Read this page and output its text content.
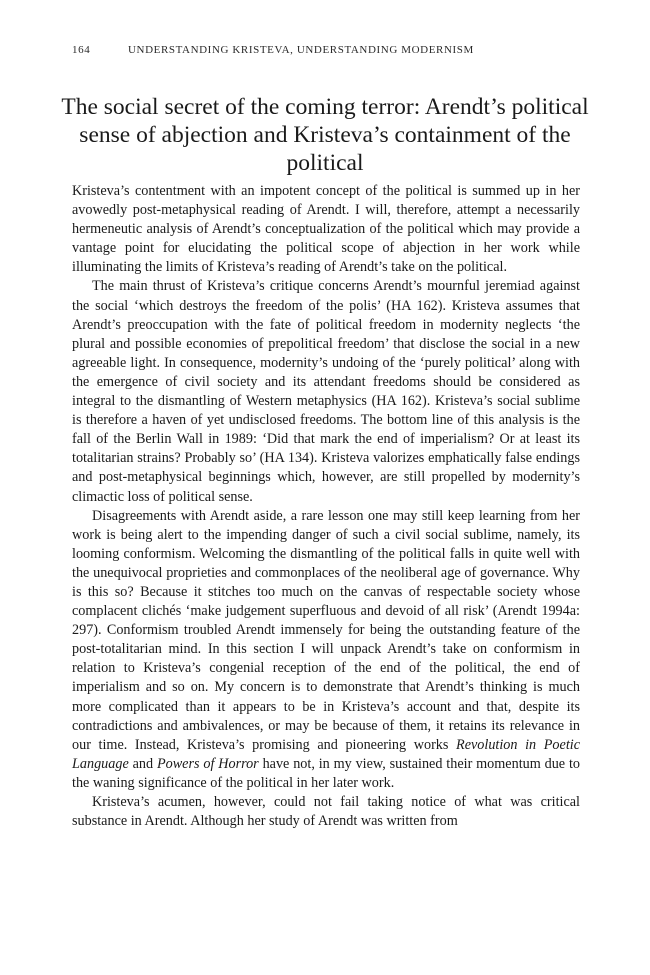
164	UNDERSTANDING KRISTEVA, UNDERSTANDING MODERNISM
The social secret of the coming terror: Arendt’s political sense of abjection and Kristeva’s containment of the political

Kristeva’s contentment with an impotent concept of the political is summed up in her avowedly post-metaphysical reading of Arendt. I will, therefore, attempt a necessarily hermeneutic analysis of Arendt’s conceptualization of the political which may provide a vantage point for elucidating the political scope of abjection in her work while illuminating the limits of Kristeva’s reading of Arendt’s take on the political.

The main thrust of Kristeva’s critique concerns Arendt’s mournful jeremiad against the social ‘which destroys the freedom of the polis’ (HA 162). Kristeva assumes that Arendt’s preoccupation with the fate of political freedom in modernity neglects ‘the plural and possible economies of prepolitical freedom’ that disclose the social in a new agreeable light. In consequence, modernity’s undoing of the ‘purely political’ along with the emergence of civil society and its attendant freedoms should be considered as integral to the dismantling of Western metaphysics (HA 162). Kristeva’s social sublime is therefore a haven of yet undisclosed freedoms. The bottom line of this analysis is the fall of the Berlin Wall in 1989: ‘Did that mark the end of imperialism? Or at least its totalitarian strains? Probably so’ (HA 134). Kristeva valorizes emphatically false endings and post-metaphysical beginnings which, however, are still propelled by modernity’s climactic loss of political sense.

Disagreements with Arendt aside, a rare lesson one may still keep learning from her work is being alert to the impending danger of such a civil social sublime, namely, its looming conformism. Welcoming the dismantling of the political falls in quite well with the unequivocal proprieties and commonplaces of the neoliberal age of governance. Why is this so? Because it stitches too much on the canvas of respectable society whose complacent clichés ‘make judgement superfluous and devoid of all risk’ (Arendt 1994a: 297). Conformism troubled Arendt immensely for being the outstanding feature of the post-totalitarian mind. In this section I will unpack Arendt’s take on conformism in relation to Kristeva’s congenial reception of the end of the political, the end of imperialism and so on. My concern is to demonstrate that Arendt’s thinking is much more complicated than it appears to be in Kristeva’s account and that, despite its contradictions and ambivalences, or may be because of them, it retains its relevance in our time. Instead, Kristeva’s promising and pioneering works Revolution in Poetic Language and Powers of Horror have not, in my view, sustained their momentum due to the waning significance of the political in her later work.

Kristeva’s acumen, however, could not fail taking notice of what was critical substance in Arendt. Although her study of Arendt was written from
